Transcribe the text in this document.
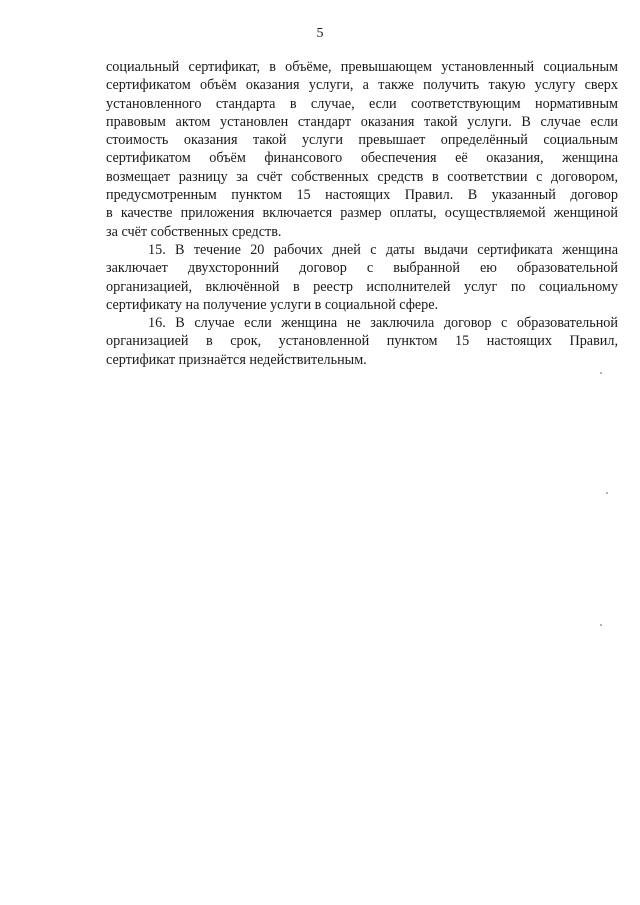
5
социальный сертификат, в объёме, превышающем установленный социальным
сертификатом объём оказания услуги, а также получить такую услугу сверх
установленного стандарта в случае, если соответствующим нормативным
правовым актом установлен стандарт оказания такой услуги. В случае если
стоимость оказания такой услуги превышает определённый социальным
сертификатом объём финансового обеспечения её оказания, женщина
возмещает разницу за счёт собственных средств в соответствии с договором,
предусмотренным пунктом 15 настоящих Правил. В указанный договор
в качестве приложения включается размер оплаты, осуществляемой женщиной
за счёт собственных средств.
15. В течение 20 рабочих дней с даты выдачи сертификата женщина
заключает двухсторонний договор с выбранной ею образовательной
организацией, включённой в реестр исполнителей услуг по социальному
сертификату на получение услуги в социальной сфере.
16. В случае если женщина не заключила договор с образовательной
организацией в срок, установленной пунктом 15 настоящих Правил,
сертификат признаётся недействительным.
